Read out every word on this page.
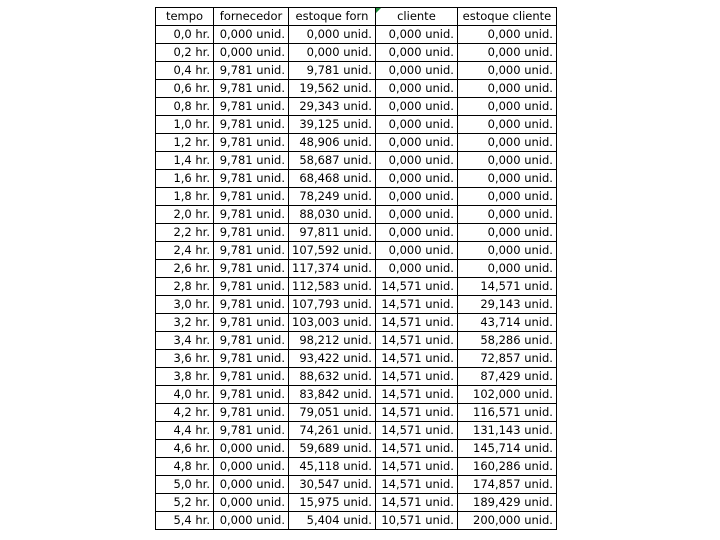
tempo	fornecedor	estoque forn	cliente	estoque cliente
0,0 hr.	0,000 unid.	0,000 unid.	0,000 unid.	0,000 unid.
0,2 hr.	0,000 unid.	0,000 unid.	0,000 unid.	0,000 unid.
0,4 hr.	9,781 unid.	9,781 unid.	0,000 unid.	0,000 unid.
0,6 hr.	9,781 unid.	19,562 unid.	0,000 unid.	0,000 unid.
0,8 hr.	9,781 unid.	29,343 unid.	0,000 unid.	0,000 unid.
1,0 hr.	9,781 unid.	39,125 unid.	0,000 unid.	0,000 unid.
1,2 hr.	9,781 unid.	48,906 unid.	0,000 unid.	0,000 unid.
1,4 hr.	9,781 unid.	58,687 unid.	0,000 unid.	0,000 unid.
1,6 hr.	9,781 unid.	68,468 unid.	0,000 unid.	0,000 unid.
1,8 hr.	9,781 unid.	78,249 unid.	0,000 unid.	0,000 unid.
2,0 hr.	9,781 unid.	88,030 unid.	0,000 unid.	0,000 unid.
2,2 hr.	9,781 unid.	97,811 unid.	0,000 unid.	0,000 unid.
2,4 hr.	9,781 unid.	107,592 unid.	0,000 unid.	0,000 unid.
2,6 hr.	9,781 unid.	117,374 unid.	0,000 unid.	0,000 unid.
2,8 hr.	9,781 unid.	112,583 unid.	14,571 unid.	14,571 unid.
3,0 hr.	9,781 unid.	107,793 unid.	14,571 unid.	29,143 unid.
3,2 hr.	9,781 unid.	103,003 unid.	14,571 unid.	43,714 unid.
3,4 hr.	9,781 unid.	98,212 unid.	14,571 unid.	58,286 unid.
3,6 hr.	9,781 unid.	93,422 unid.	14,571 unid.	72,857 unid.
3,8 hr.	9,781 unid.	88,632 unid.	14,571 unid.	87,429 unid.
4,0 hr.	9,781 unid.	83,842 unid.	14,571 unid.	102,000 unid.
4,2 hr.	9,781 unid.	79,051 unid.	14,571 unid.	116,571 unid.
4,4 hr.	9,781 unid.	74,261 unid.	14,571 unid.	131,143 unid.
4,6 hr.	0,000 unid.	59,689 unid.	14,571 unid.	145,714 unid.
4,8 hr.	0,000 unid.	45,118 unid.	14,571 unid.	160,286 unid.
5,0 hr.	0,000 unid.	30,547 unid.	14,571 unid.	174,857 unid.
5,2 hr.	0,000 unid.	15,975 unid.	14,571 unid.	189,429 unid.
5,4 hr.	0,000 unid.	5,404 unid.	10,571 unid.	200,000 unid.
